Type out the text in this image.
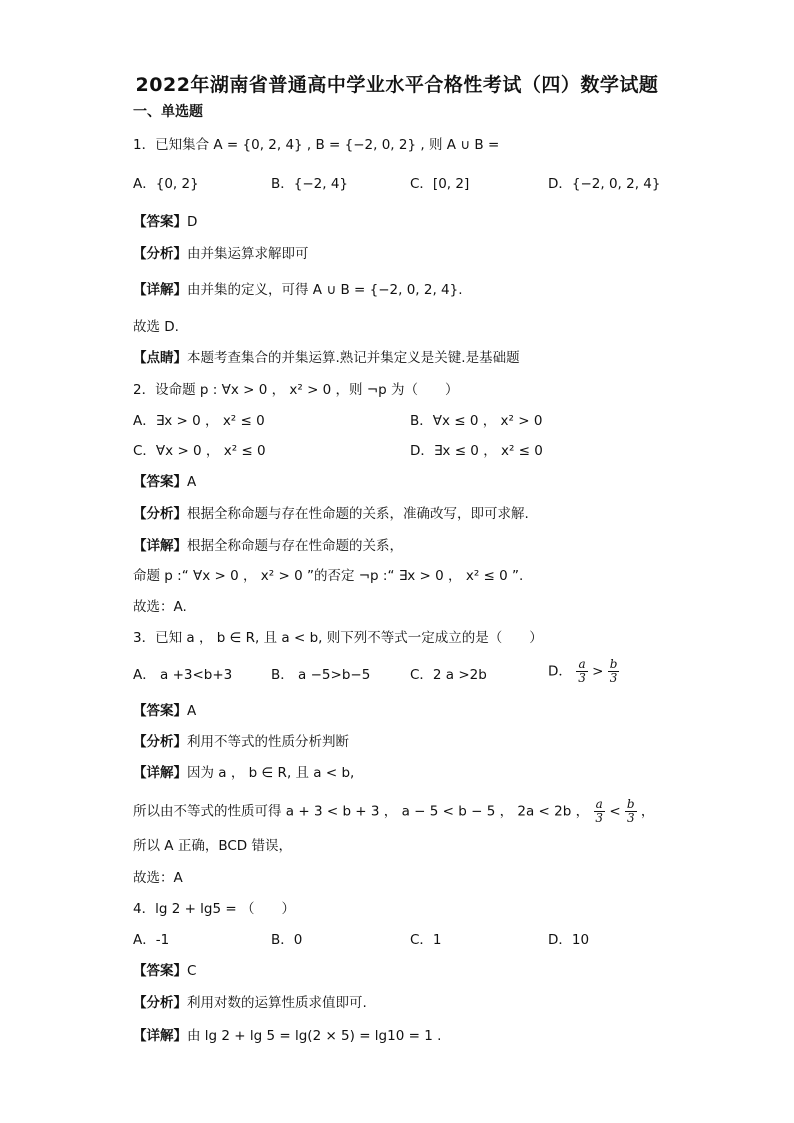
2022年湖南省普通高中学业水平合格性考试（四）数学试题
一、单选题
1．已知集合 A = {0, 2, 4} , B = {−2, 0, 2} , 则 A ∪ B =
A．{0, 2}	B．{−2, 4}	C．[0, 2]	D．{−2, 0, 2, 4}
【答案】D
【分析】由并集运算求解即可
【详解】由并集的定义，可得 A ∪ B = {−2, 0, 2, 4}.
故选 D.
【点睛】本题考查集合的并集运算.熟记并集定义是关键.是基础题
2．设命题 p : ∀x > 0 ， x² > 0 ，则 ¬p 为（　　）
A．∃x > 0 ， x² ≤ 0	B．∀x ≤ 0 ， x² > 0
C．∀x > 0 ， x² ≤ 0	D．∃x ≤ 0 ， x² ≤ 0
【答案】A
【分析】根据全称命题与存在性命题的关系，准确改写，即可求解.
【详解】根据全称命题与存在性命题的关系，
命题 p :“ ∀x > 0 ， x² > 0 ”的否定 ¬p :“ ∃x > 0 ， x² ≤ 0 ”.
故选：A.
3．已知 a ， b ∈ R, 且 a < b, 则下列不等式一定成立的是（　　）
A． a +3<b+3	B． a −5>b−5	C．2 a >2b	D． $\frac{a}{3} > \frac{b}{3}$
【答案】A
【分析】利用不等式的性质分析判断
【详解】因为 a ， b ∈ R, 且 a < b,
所以由不等式的性质可得 a + 3 < b + 3 ， a − 5 < b − 5 ， 2a < 2b ， $\frac{a}{3} < \frac{b}{3}$ ，
所以 A 正确，BCD 错误，
故选：A
4．lg 2 + lg5 = （　　）
A．-1	B．0	C．1	D．10
【答案】C
【分析】利用对数的运算性质求值即可.
【详解】由 lg 2 + lg 5 = lg(2 × 5) = lg10 = 1 .
